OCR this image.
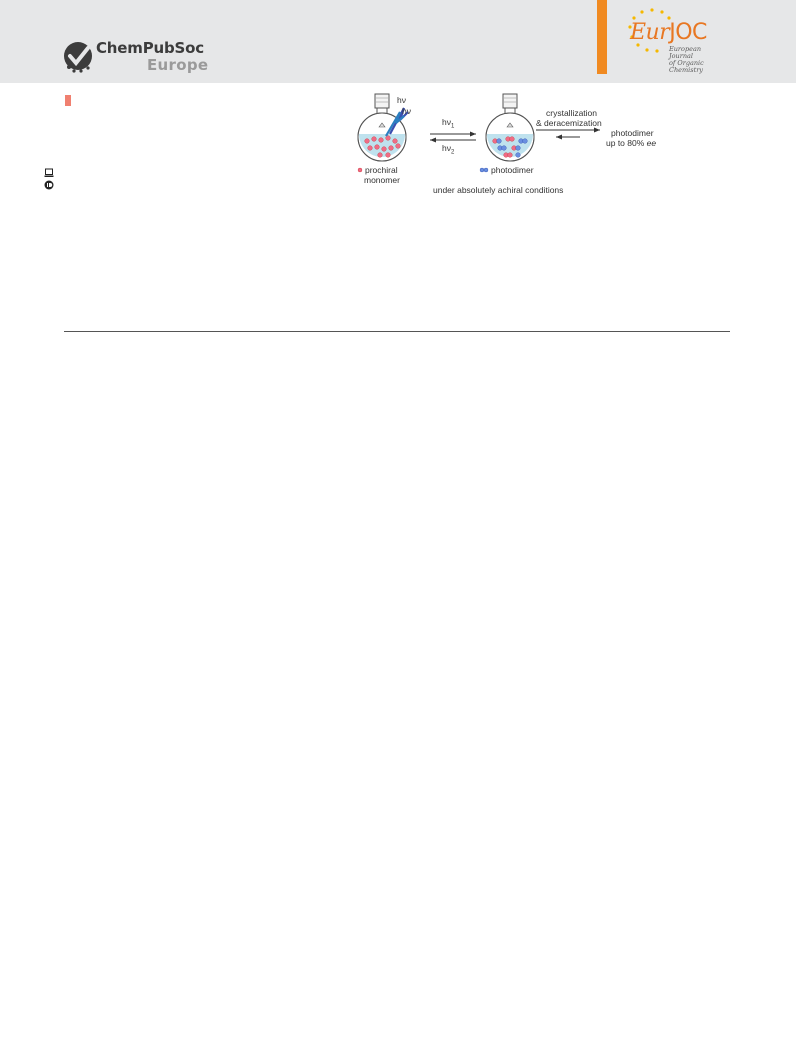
ChemPubSoc
Europe
EurJOC
European Journal
of Organic Chemistry
hν
hν
$h\nu_1$
$h\nu_2$
crystallization
& deracemization
photodimer
up to 80% ee
prochiral
monomer
photodimer
under absolutely achiral conditions
